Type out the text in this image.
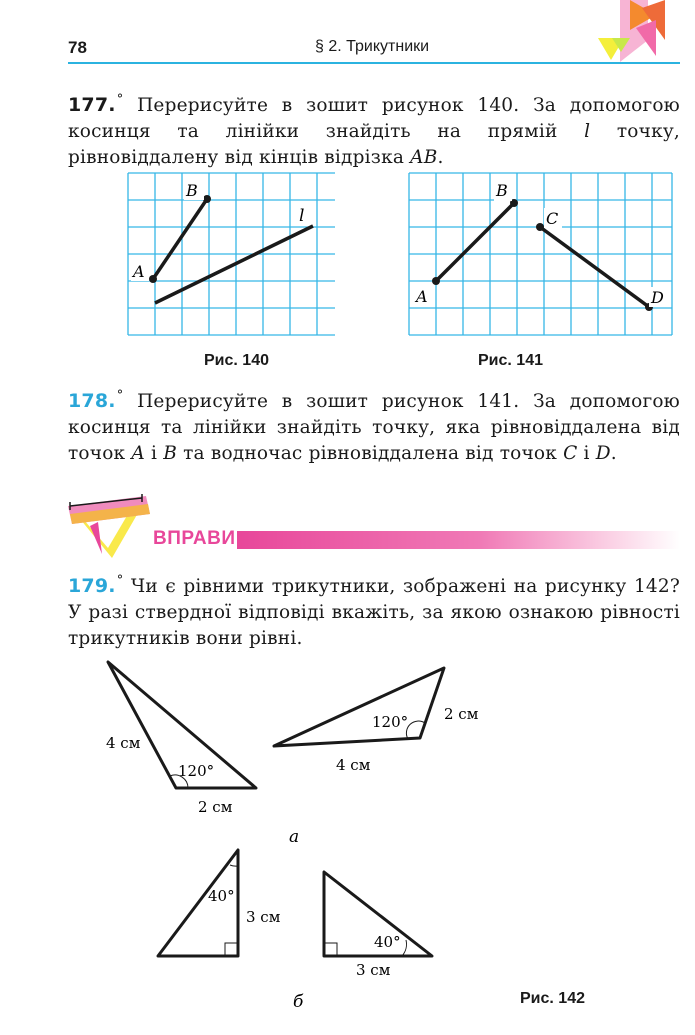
78	§ 2. Трикутники
177.° Перерисуйте в зошит рисунок 140. За допомогою косинця та лінійки знайдіть на прямій l точку, рівновіддалену від кінців відрізка AB.
A
B
l
Рис. 140
A
B
C
D
Рис. 141
178.° Перерисуйте в зошит рисунок 141. За допомогою косинця та лінійки знайдіть точку, яка рівновіддалена від точок A і B та водночас рівновіддалена від точок C і D.
ВПРАВИ
179.° Чи є рівними трикутники, зображені на рисунку 142? У разі ствердної відповіді вкажіть, за якою ознакою рівності трикутників вони рівні.
4 см
120°
2 см
120° 2 см
4 см
а
40°
3 см
40°
3 см
б	Рис. 142
